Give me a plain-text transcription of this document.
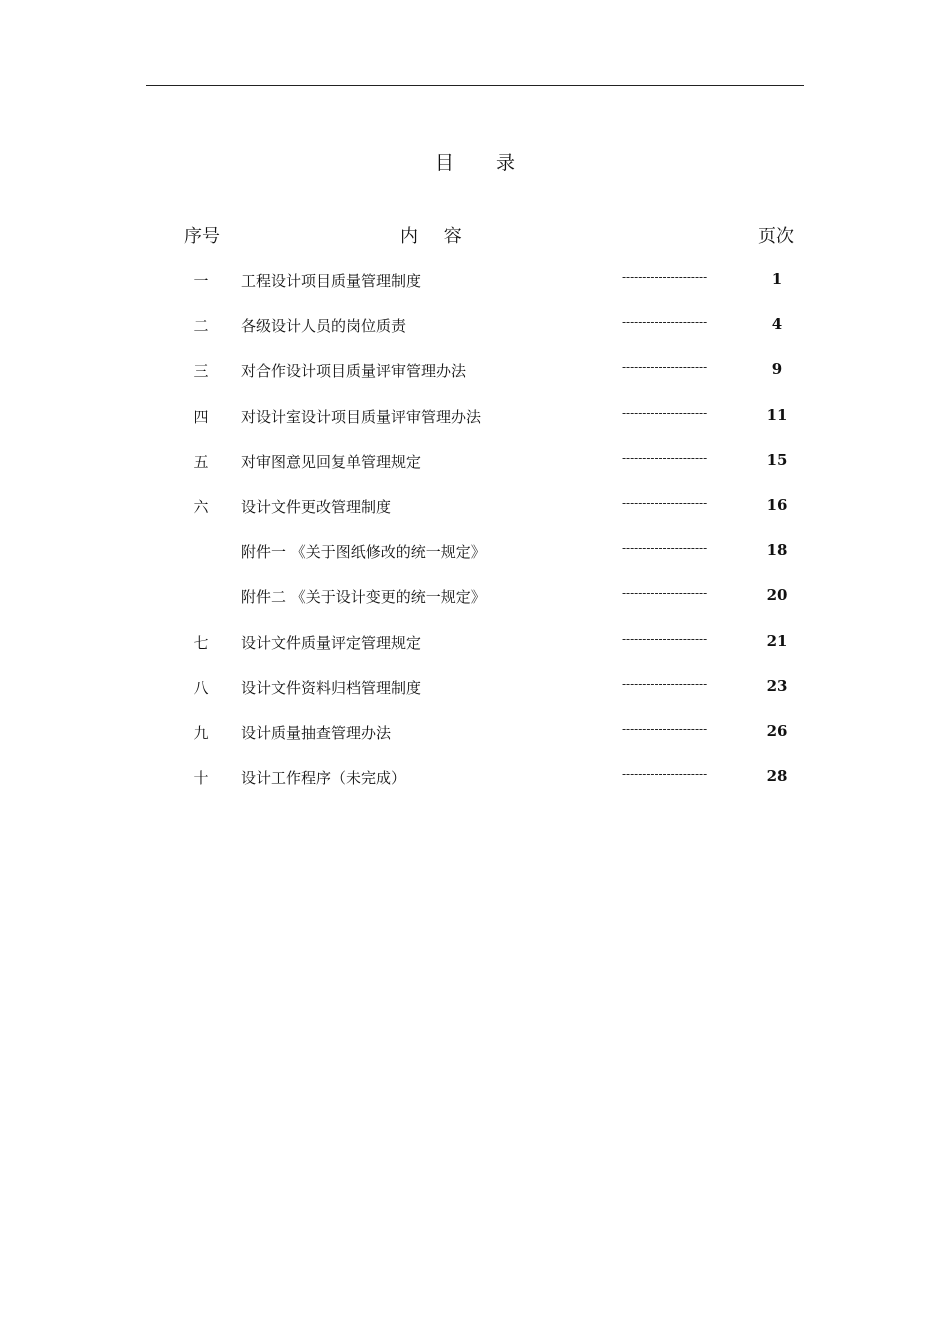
目 录
序号	内 容	页次
一 工程设计项目质量管理制度	---------------------	1
二 各级设计人员的岗位质责	---------------------	4
三 对合作设计项目质量评审管理办法	---------------------	9
四 对设计室设计项目质量评审管理办法	---------------------	11
五 对审图意见回复单管理规定	---------------------	15
六 设计文件更改管理制度	---------------------	16
附件一 《关于图纸修改的统一规定》	---------------------	18
附件二 《关于设计变更的统一规定》	---------------------	20
七 设计文件质量评定管理规定	---------------------	21
八 设计文件资料归档管理制度	---------------------	23
九 设计质量抽查管理办法	---------------------	26
十 设计工作程序（未完成）	---------------------	28
